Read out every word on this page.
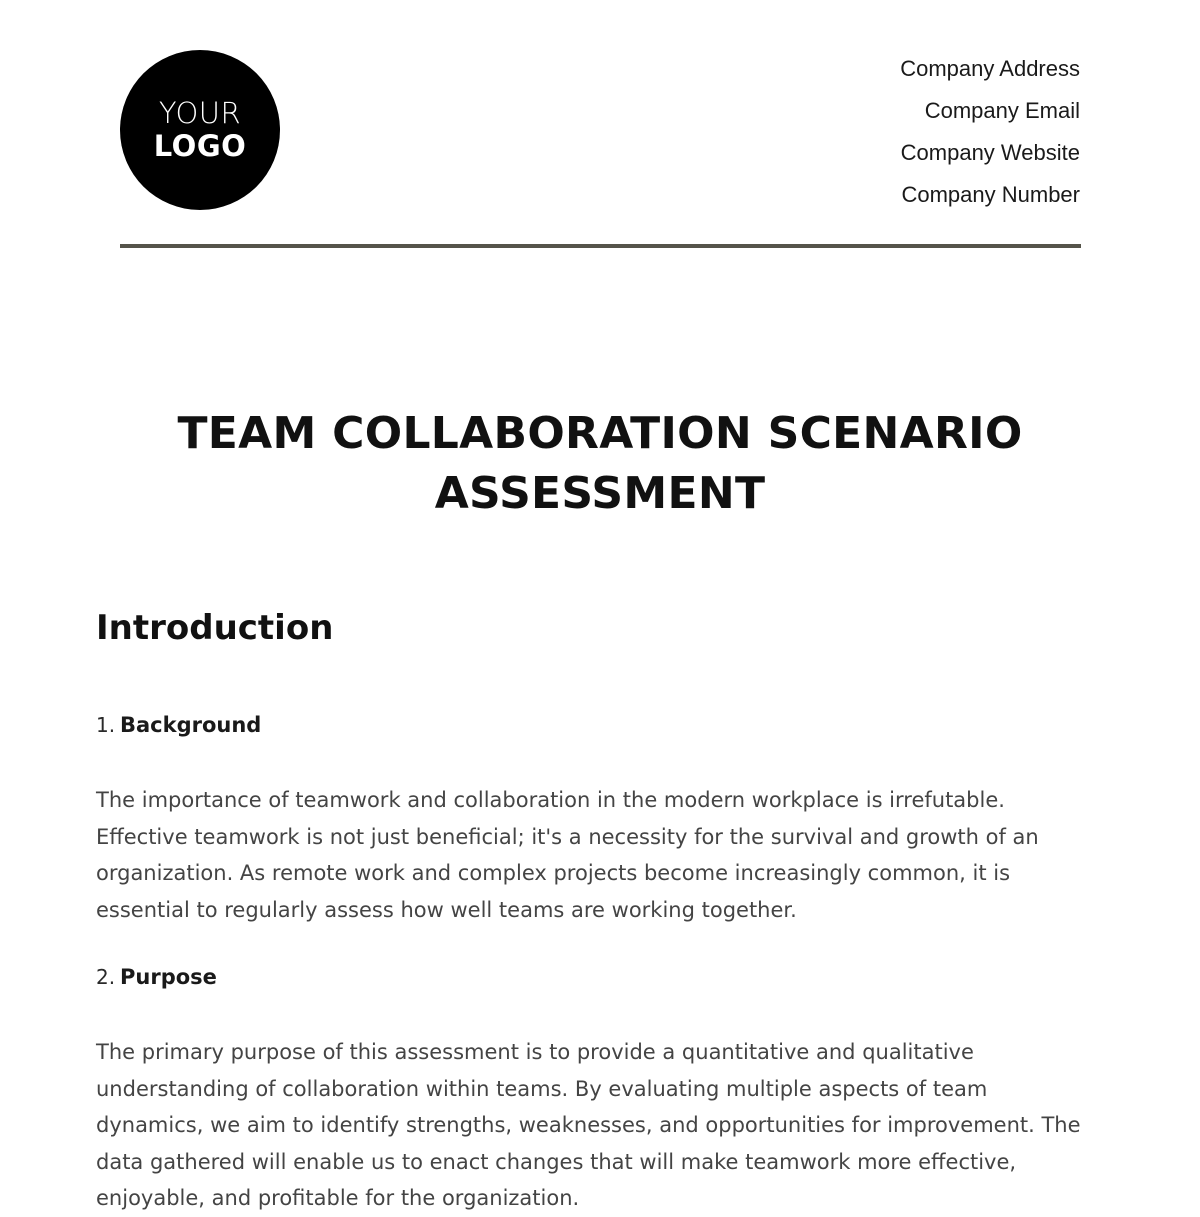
YOUR
LOGO
Company Address
Company Email
Company Website
Company Number
TEAM COLLABORATION SCENARIO
ASSESSMENT
Introduction
1. Background

The importance of teamwork and collaboration in the modern workplace is irrefutable. Effective teamwork is not just beneficial; it's a necessity for the survival and growth of an organization. As remote work and complex projects become increasingly common, it is essential to regularly assess how well teams are working together.

2. Purpose

The primary purpose of this assessment is to provide a quantitative and qualitative understanding of collaboration within teams. By evaluating multiple aspects of team dynamics, we aim to identify strengths, weaknesses, and opportunities for improvement. The data gathered will enable us to enact changes that will make teamwork more effective, enjoyable, and profitable for the organization.
